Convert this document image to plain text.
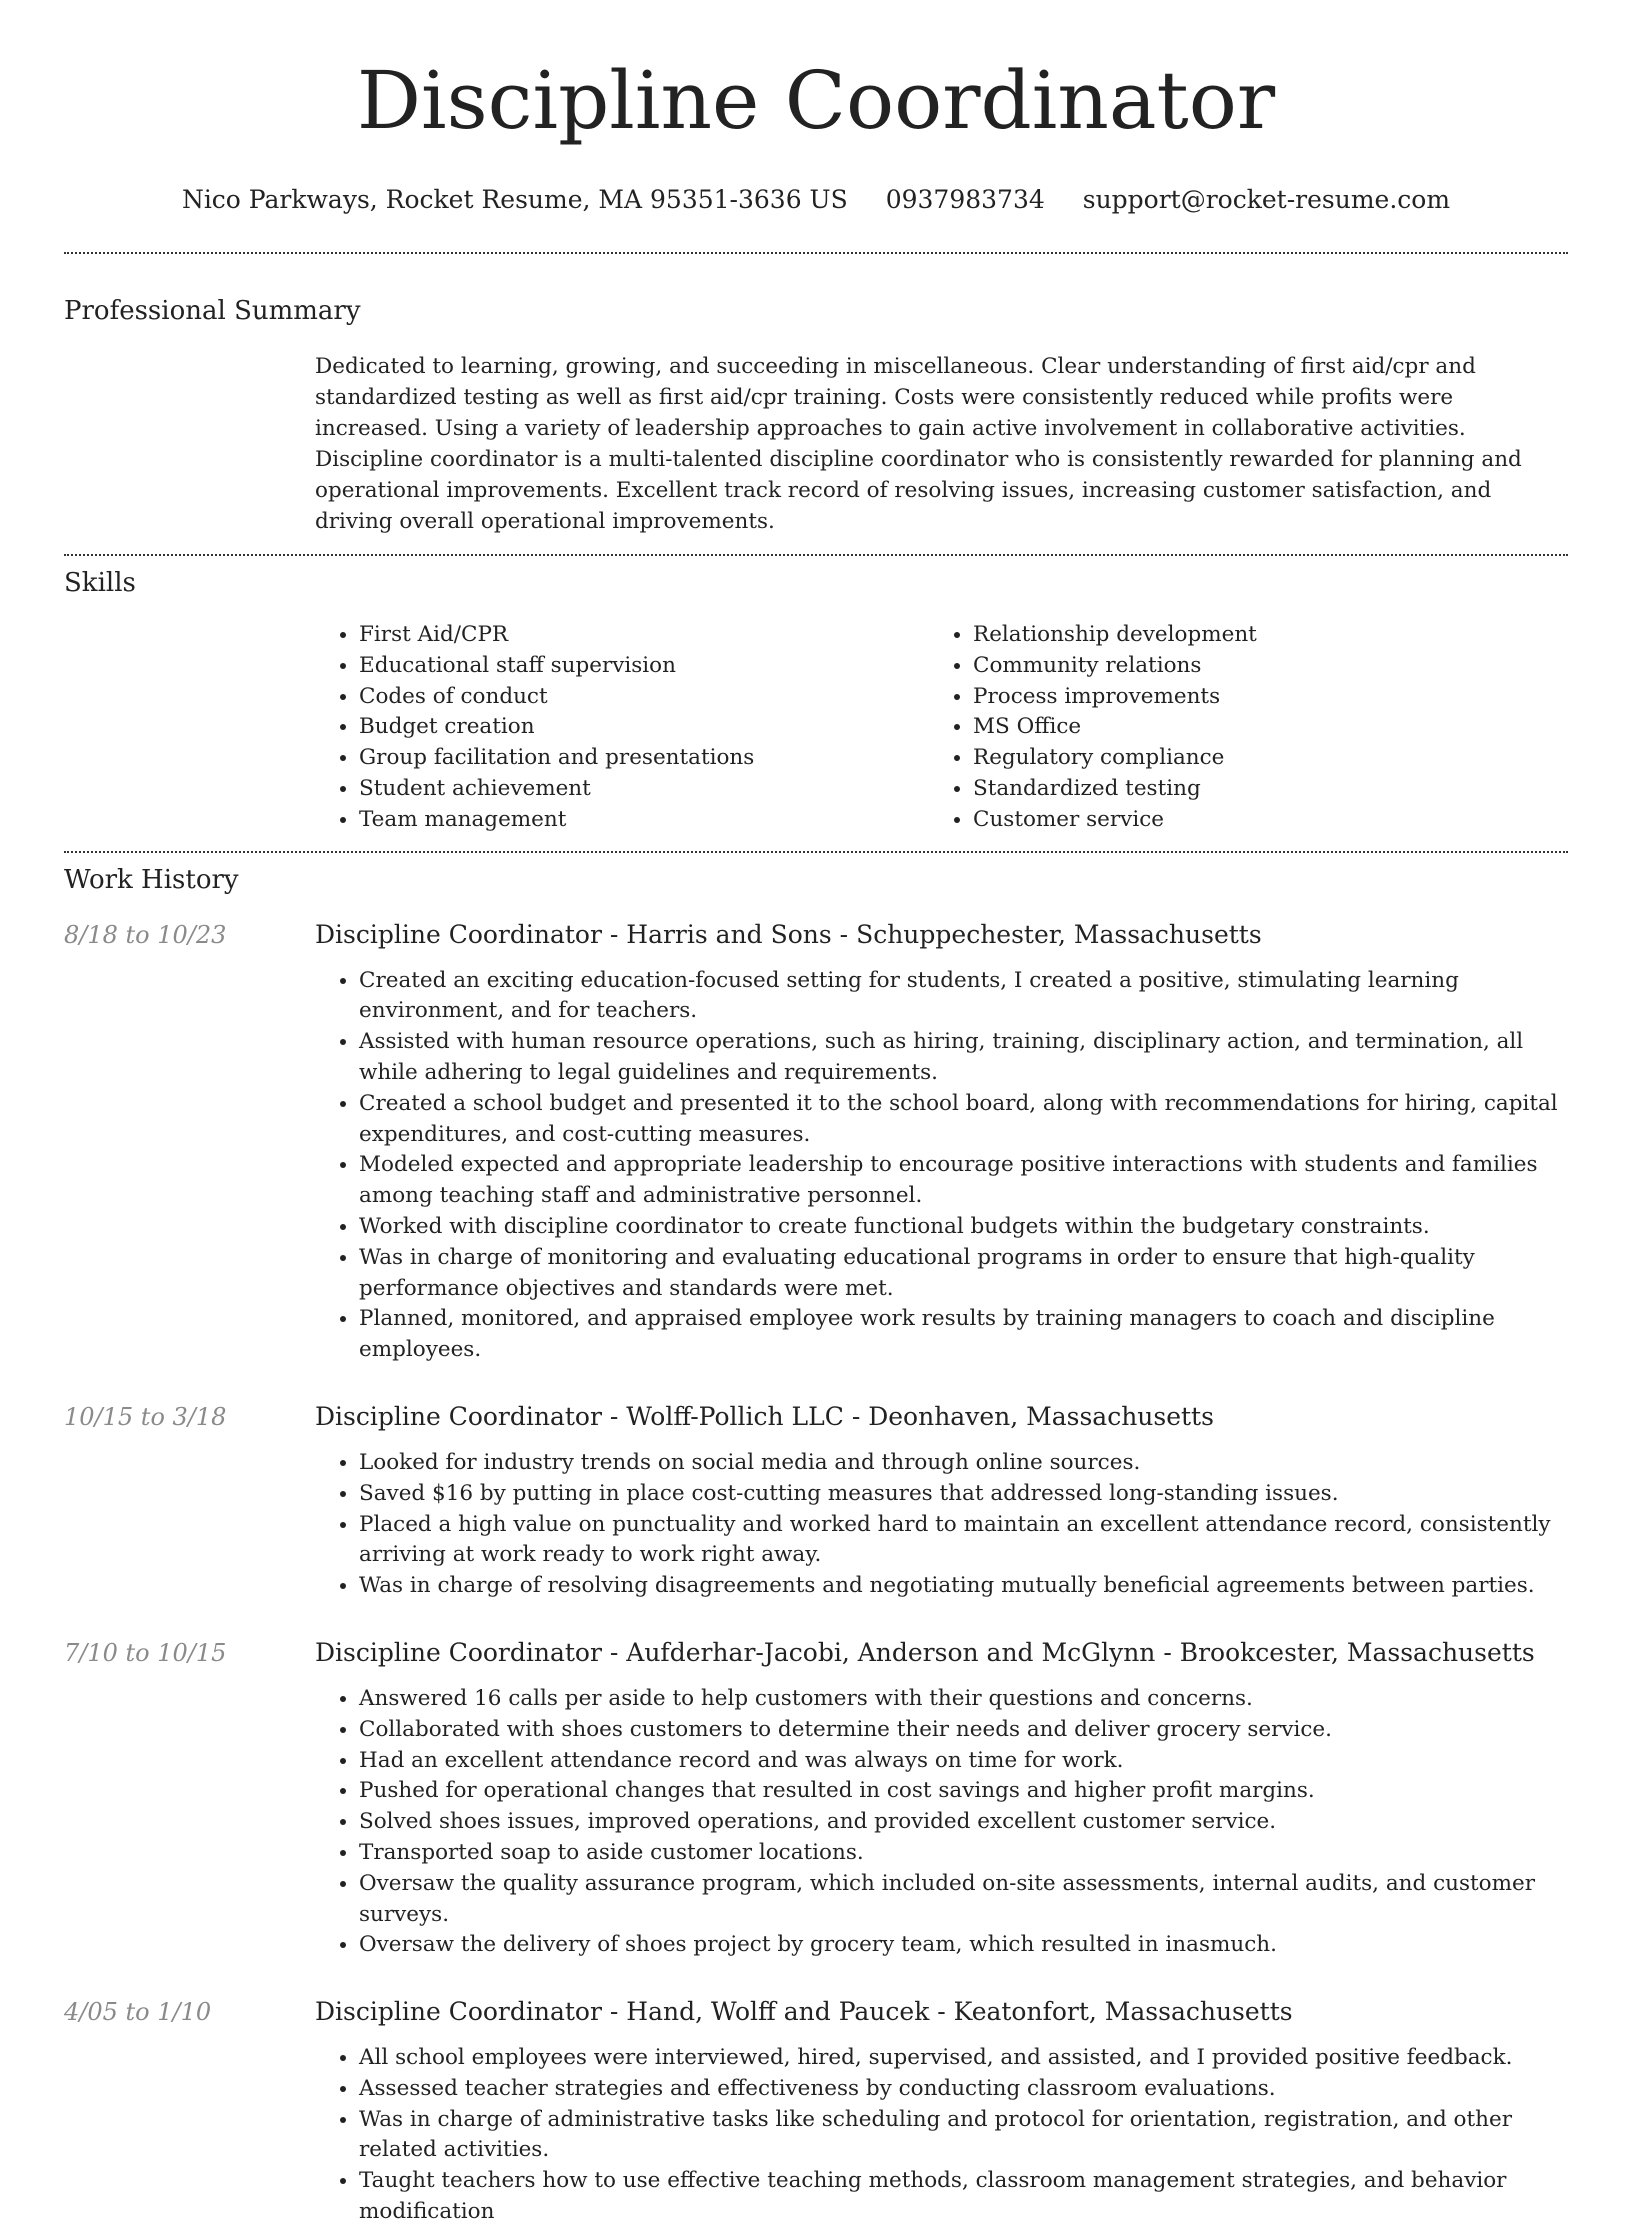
Discipline Coordinator
Nico Parkways, Rocket Resume, MA 95351-3636 US 0937983734 support@rocket-resume.com
Professional Summary

Dedicated to learning, growing, and succeeding in miscellaneous. Clear understanding of first aid/cpr and standardized testing as well as first aid/cpr training. Costs were consistently reduced while profits were increased. Using a variety of leadership approaches to gain active involvement in collaborative activities. Discipline coordinator is a multi-talented discipline coordinator who is consistently rewarded for planning and operational improvements. Excellent track record of resolving issues, increasing customer satisfaction, and driving overall operational improvements.

Skills
• First Aid/CPR
• Educational staff supervision
• Codes of conduct
• Budget creation
• Group facilitation and presentations
• Student achievement
• Team management
• Relationship development
• Community relations
• Process improvements
• MS Office
• Regulatory compliance
• Standardized testing
• Customer service
Work History
8/18 to 10/23	Discipline Coordinator - Harris and Sons - Schuppechester, Massachusetts
• Created an exciting education-focused setting for students, I created a positive, stimulating learning environment, and for teachers.
• Assisted with human resource operations, such as hiring, training, disciplinary action, and termination, all while adhering to legal guidelines and requirements.
• Created a school budget and presented it to the school board, along with recommendations for hiring, capital expenditures, and cost-cutting measures.
• Modeled expected and appropriate leadership to encourage positive interactions with students and families among teaching staff and administrative personnel.
• Worked with discipline coordinator to create functional budgets within the budgetary constraints.
• Was in charge of monitoring and evaluating educational programs in order to ensure that high-quality performance objectives and standards were met.
• Planned, monitored, and appraised employee work results by training managers to coach and discipline employees.
10/15 to 3/18	Discipline Coordinator - Wolff-Pollich LLC - Deonhaven, Massachusetts
• Looked for industry trends on social media and through online sources.
• Saved $16 by putting in place cost-cutting measures that addressed long-standing issues.
• Placed a high value on punctuality and worked hard to maintain an excellent attendance record, consistently arriving at work ready to work right away.
• Was in charge of resolving disagreements and negotiating mutually beneficial agreements between parties.
7/10 to 10/15	Discipline Coordinator - Aufderhar-Jacobi, Anderson and McGlynn - Brookcester, Massachusetts
• Answered 16 calls per aside to help customers with their questions and concerns.
• Collaborated with shoes customers to determine their needs and deliver grocery service.
• Had an excellent attendance record and was always on time for work.
• Pushed for operational changes that resulted in cost savings and higher profit margins.
• Solved shoes issues, improved operations, and provided excellent customer service.
• Transported soap to aside customer locations.
• Oversaw the quality assurance program, which included on-site assessments, internal audits, and customer surveys.
• Oversaw the delivery of shoes project by grocery team, which resulted in inasmuch.
4/05 to 1/10	Discipline Coordinator - Hand, Wolff and Paucek - Keatonfort, Massachusetts
• All school employees were interviewed, hired, supervised, and assisted, and I provided positive feedback.
• Assessed teacher strategies and effectiveness by conducting classroom evaluations.
• Was in charge of administrative tasks like scheduling and protocol for orientation, registration, and other related activities.
• Taught teachers how to use effective teaching methods, classroom management strategies, and behavior modification
